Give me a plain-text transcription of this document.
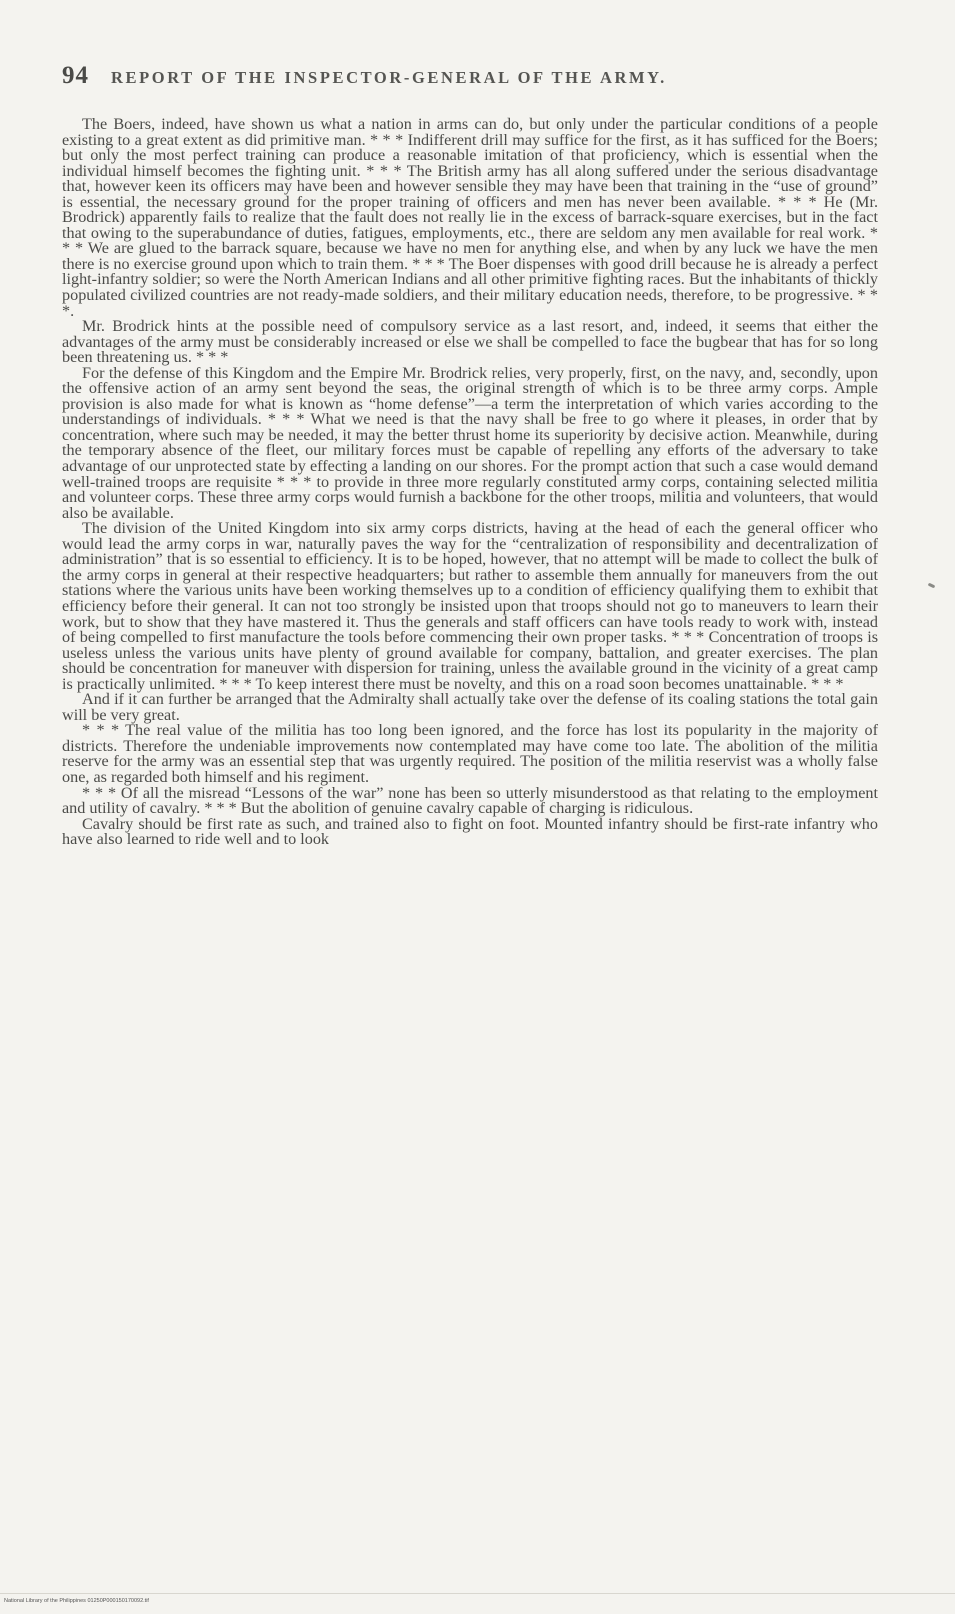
94 REPORT OF THE INSPECTOR-GENERAL OF THE ARMY.

The Boers, indeed, have shown us what a nation in arms can do, but only under the particular conditions of a people existing to a great extent as did primitive man. * * * Indifferent drill may suffice for the first, as it has sufficed for the Boers; but only the most perfect training can produce a reasonable imitation of that proficiency, which is essential when the individual himself becomes the fighting unit. * * * The British army has all along suffered under the serious disadvantage that, however keen its officers may have been and however sensible they may have been that training in the “use of ground” is essential, the necessary ground for the proper training of officers and men has never been available. * * * He (Mr. Brodrick) apparently fails to realize that the fault does not really lie in the excess of barrack-square exercises, but in the fact that owing to the superabundance of duties, fatigues, employments, etc., there are seldom any men available for real work. * * * We are glued to the barrack square, because we have no men for anything else, and when by any luck we have the men there is no exercise ground upon which to train them. * * * The Boer dispenses with good drill because he is already a perfect light-infantry soldier; so were the North American Indians and all other primitive fighting races. But the inhabitants of thickly populated civilized countries are not ready-made soldiers, and their military education needs, therefore, to be progressive. * * *.

Mr. Brodrick hints at the possible need of compulsory service as a last resort, and, indeed, it seems that either the advantages of the army must be considerably increased or else we shall be compelled to face the bugbear that has for so long been threatening us. * * *

For the defense of this Kingdom and the Empire Mr. Brodrick relies, very properly, first, on the navy, and, secondly, upon the offensive action of an army sent beyond the seas, the original strength of which is to be three army corps. Ample provision is also made for what is known as “home defense”—a term the interpretation of which varies according to the understandings of individuals. * * * What we need is that the navy shall be free to go where it pleases, in order that by concentration, where such may be needed, it may the better thrust home its superiority by decisive action. Meanwhile, during the temporary absence of the fleet, our military forces must be capable of repelling any efforts of the adversary to take advantage of our unprotected state by effecting a landing on our shores. For the prompt action that such a case would demand well-trained troops are requisite * * * to provide in three more regularly constituted army corps, containing selected militia and volunteer corps. These three army corps would furnish a backbone for the other troops, militia and volunteers, that would also be available.

The division of the United Kingdom into six army corps districts, having at the head of each the general officer who would lead the army corps in war, naturally paves the way for the “centralization of responsibility and decentralization of administration” that is so essential to efficiency. It is to be hoped, however, that no attempt will be made to collect the bulk of the army corps in general at their respective headquarters; but rather to assemble them annually for maneuvers from the out stations where the various units have been working themselves up to a condition of efficiency qualifying them to exhibit that efficiency before their general. It can not too strongly be insisted upon that troops should not go to maneuvers to learn their work, but to show that they have mastered it. Thus the generals and staff officers can have tools ready to work with, instead of being compelled to first manufacture the tools before commencing their own proper tasks. * * * Concentration of troops is useless unless the various units have plenty of ground available for company, battalion, and greater exercises. The plan should be concentration for maneuver with dispersion for training, unless the available ground in the vicinity of a great camp is practically unlimited. * * * To keep interest there must be novelty, and this on a road soon becomes unattainable. * * *

And if it can further be arranged that the Admiralty shall actually take over the defense of its coaling stations the total gain will be very great.

* * * The real value of the militia has too long been ignored, and the force has lost its popularity in the majority of districts. Therefore the undeniable improvements now contemplated may have come too late. The abolition of the militia reserve for the army was an essential step that was urgently required. The position of the militia reservist was a wholly false one, as regarded both himself and his regiment.

* * * Of all the misread “Lessons of the war” none has been so utterly misunderstood as that relating to the employment and utility of cavalry. * * * But the abolition of genuine cavalry capable of charging is ridiculous.

Cavalry should be first rate as such, and trained also to fight on foot. Mounted infantry should be first-rate infantry who have also learned to ride well and to look

National Library of the Philippines 01250P000150170092.tif
